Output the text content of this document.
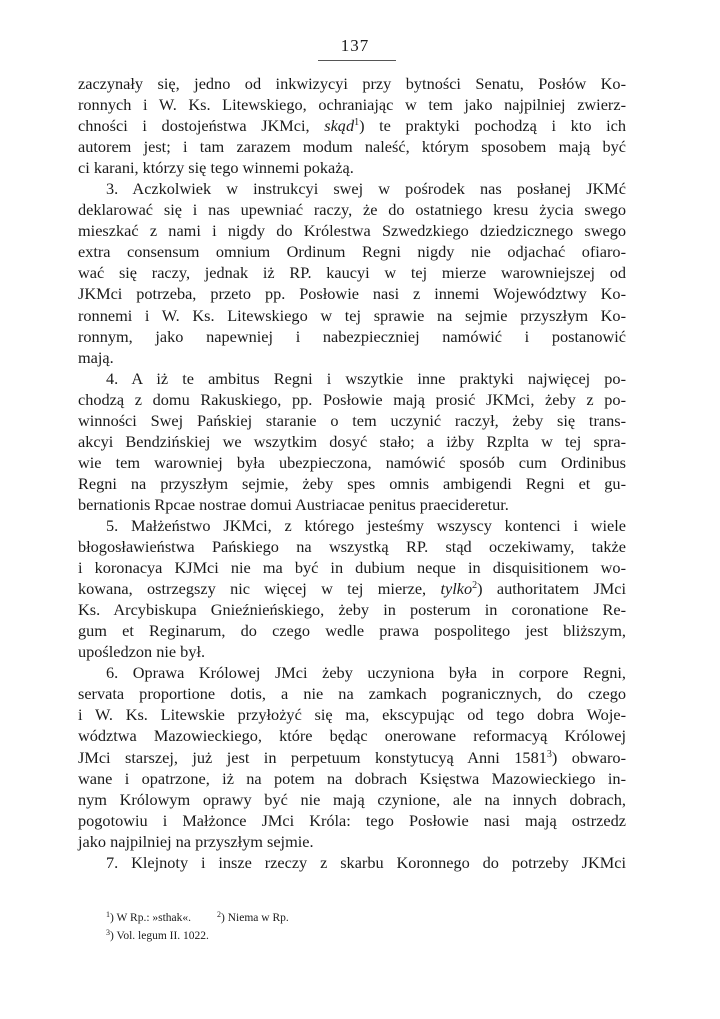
137
zaczynały się, jedno od inkwizycyi przy bytności Senatu, Posłów Ko-
ronnych i W. Ks. Litewskiego, ochraniając w tem jako najpilniej zwierz-
chności i dostojeństwa JKMci, skąd$^1$) te praktyki pochodzą i kto ich
autorem jest; i tam zarazem modum naleść, którym sposobem mają być
ci karani, którzy się tego winnemi pokażą.
3. Aczkolwiek w instrukcyi swej w pośrodek nas posłanej JKMć
deklarować się i nas upewniać raczy, że do ostatniego kresu życia swego
mieszkać z nami i nigdy do Królestwa Szwedzkiego dziedzicznego swego
extra consensum omnium Ordinum Regni nigdy nie odjachać ofiaro-
wać się raczy, jednak iż RP. kaucyi w tej mierze warowniejszej od
JKMci potrzeba, przeto pp. Posłowie nasi z innemi Województwy Ko-
ronnemi i W. Ks. Litewskiego w tej sprawie na sejmie przyszłym Ko-
ronnym, jako napewniej i nabezpieczniej namówić i postanowić
mają.
4. A iż te ambitus Regni i wszytkie inne praktyki najwięcej po-
chodzą z domu Rakuskiego, pp. Posłowie mają prosić JKMci, żeby z po-
winności Swej Pańskiej staranie o tem uczynić raczył, żeby się trans-
akcyi Bendzińskiej we wszytkim dosyć stało; a iżby Rzplta w tej spra-
wie tem warowniej była ubezpieczona, namówić sposób cum Ordinibus
Regni na przyszłym sejmie, żeby spes omnis ambigendi Regni et gu-
bernationis Rpcae nostrae domui Austriacae penitus praecideretur.
5. Małżeństwo JKMci, z którego jesteśmy wszyscy kontenci i wiele
błogosławieństwa Pańskiego na wszystką RP. stąd oczekiwamy, także
i koronacya KJMci nie ma być in dubium neque in disquisitionem wo-
kowana, ostrzegszy nic więcej w tej mierze, tylko$^2$) authoritatem JMci
Ks. Arcybiskupa Gnieźnieńskiego, żeby in posterum in coronatione Re-
gum et Reginarum, do czego wedle prawa pospolitego jest bliższym,
upośledzon nie był.
6. Oprawa Królowej JMci żeby uczyniona była in corpore Regni,
servata proportione dotis, a nie na zamkach pogranicznych, do czego
i W. Ks. Litewskie przyłożyć się ma, ekscypując od tego dobra Woje-
wództwa Mazowieckiego, które będąc onerowane reformacyą Królowej
JMci starszej, już jest in perpetuum konstytucyą Anni 1581$^3$) obwaro-
wane i opatrzone, iż na potem na dobrach Księstwa Mazowieckiego in-
nym Królowym oprawy być nie mają czynione, ale na innych dobrach,
pogotowiu i Małżonce JMci Króla: tego Posłowie nasi mają ostrzedz
jako najpilniej na przyszłym sejmie.
7. Klejnoty i insze rzeczy z skarbu Koronnego do potrzeby JKMci
$^1$) W Rp.: »sthak«.	$^2$) Niema w Rp.
$^3$) Vol. legum II. 1022.
